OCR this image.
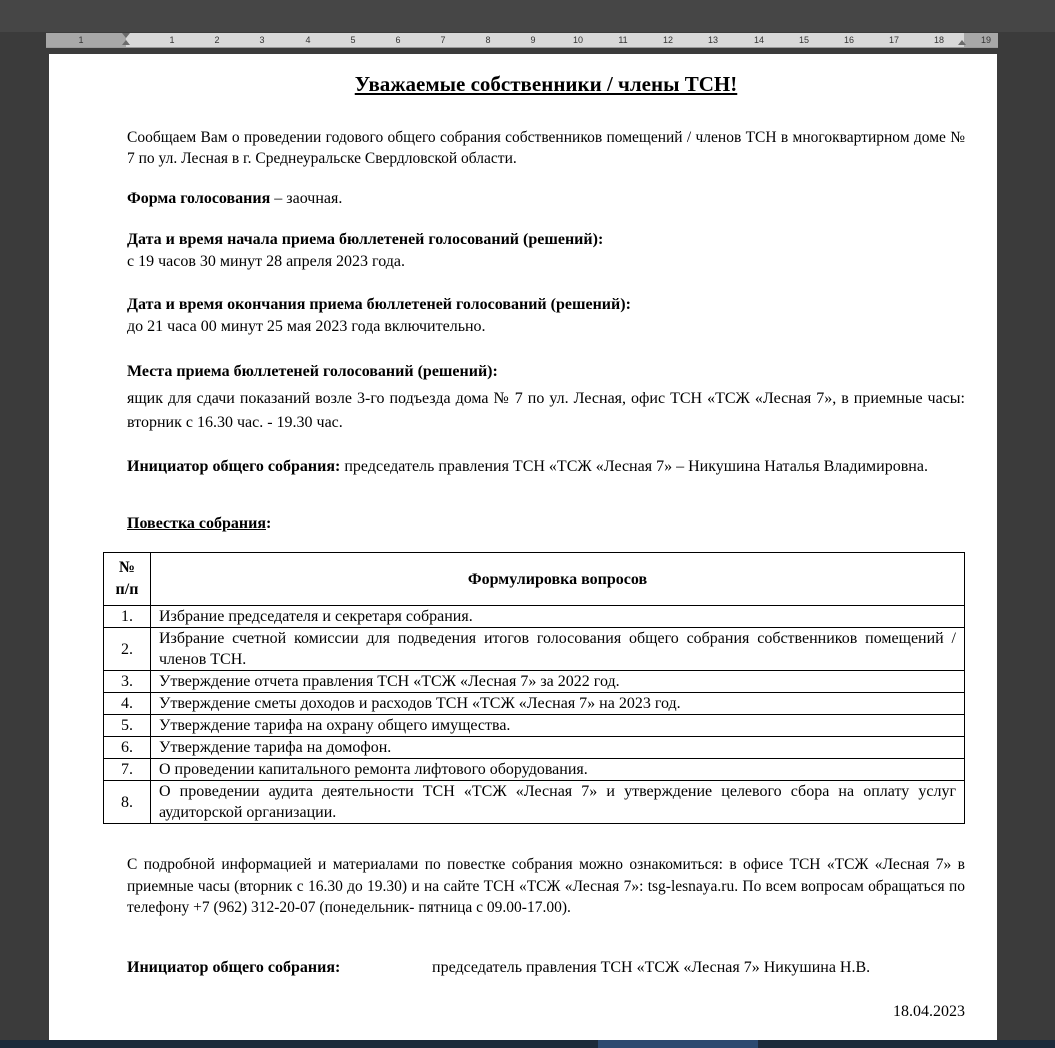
1	1	2	3	4	5	6	7	8	9	10	11	12	13	14	15	16	17	18	19
Уважаемые собственники / члены ТСН!
Сообщаем Вам о проведении годового общего собрания собственников помещений / членов ТСН в многоквартирном доме № 7 по ул. Лесная в г. Среднеуральске Свердловской области.
Форма голосования – заочная.
Дата и время начала приема бюллетеней голосований (решений):
с 19 часов 30 минут 28 апреля 2023 года.
Дата и время окончания приема бюллетеней голосований (решений):
до 21 часа 00 минут 25 мая 2023 года включительно.
Места приема бюллетеней голосований (решений):
ящик для сдачи показаний возле 3-го подъезда дома № 7 по ул. Лесная, офис ТСН «ТСЖ «Лесная 7», в приемные часы: вторник с 16.30 час. - 19.30 час.
Инициатор общего собрания: председатель правления ТСН «ТСЖ «Лесная 7» – Никушина Наталья Владимировна.
Повестка собрания:
№ п/п	Формулировка вопросов
1.	Избрание председателя и секретаря собрания.
2.	Избрание счетной комиссии для подведения итогов голосования общего собрания собственников помещений / членов ТСН.
3.	Утверждение отчета правления ТСН «ТСЖ «Лесная 7» за 2022 год.
4.	Утверждение сметы доходов и расходов ТСН «ТСЖ «Лесная 7» на 2023 год.
5.	Утверждение тарифа на охрану общего имущества.
6.	Утверждение тарифа на домофон.
7.	О проведении капитального ремонта лифтового оборудования.
8.	О проведении аудита деятельности ТСН «ТСЖ «Лесная 7» и утверждение целевого сбора на оплату услуг аудиторской организации.
С подробной информацией и материалами по повестке собрания можно ознакомиться: в офисе ТСН «ТСЖ «Лесная 7» в приемные часы (вторник с 16.30 до 19.30) и на сайте ТСН «ТСЖ «Лесная 7»: tsg-lesnaya.ru. По всем вопросам обращаться по телефону +7 (962) 312-20-07 (понедельник- пятница с 09.00-17.00).
Инициатор общего собрания:	председатель правления ТСН «ТСЖ «Лесная 7» Никушина Н.В.
18.04.2023
